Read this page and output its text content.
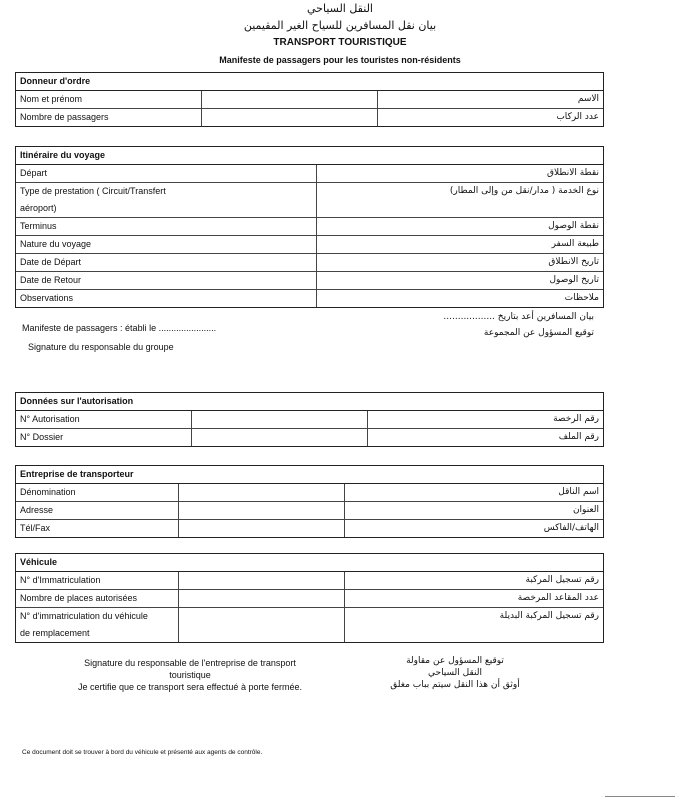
النقل السياحي
بيان نقل المسافرين للسياح الغير المقيمين
TRANSPORT TOURISTIQUE
Manifeste de passagers pour les touristes non-résidents
Donneur d'ordre
Nom et prénom		الاسم
Nombre de passagers		عدد الركاب
Itinéraire du voyage
Départ	نقطة الانطلاق

Type de prestation ( Circuit/Transfert
aéroport)	نوع الخدمة ( مدار/نقل من وإلى المطار)
Terminus	نقطة الوصول
Nature du voyage	طبيعة السفر
Date de Départ	تاريخ الانطلاق
Date de Retour	تاريخ الوصول
Observations	ملاحظات
Manifeste de passagers : établi le .......................
Signature du responsable du groupe
بيان المسافرين أعد بتاريخ ..................
توقيع المسؤول عن المجموعة
Données sur l'autorisation
N° Autorisation		رقم الرخصة
N° Dossier		رقم الملف
Entreprise de transporteur
Dénomination		اسم الناقل
Adresse		العنوان
Tél/Fax		الهاتف/الفاكس
Véhicule
N° d'Immatriculation		رقم تسجيل المركبة
Nombre de places autorisées		عدد المقاعد المرخصة

N° d'immatriculation du véhicule
de remplacement		رقم تسجيل المركبة البديلة
Signature du responsable de l'entreprise de transport
touristique
Je certifie que ce transport sera effectué à porte fermée.
توقيع المسؤول عن مقاولة
النقل السياحي
أوثق أن هذا النقل سيتم بباب مغلق
Ce document doit se trouver à bord du véhicule et présenté aux agents de contrôle.
